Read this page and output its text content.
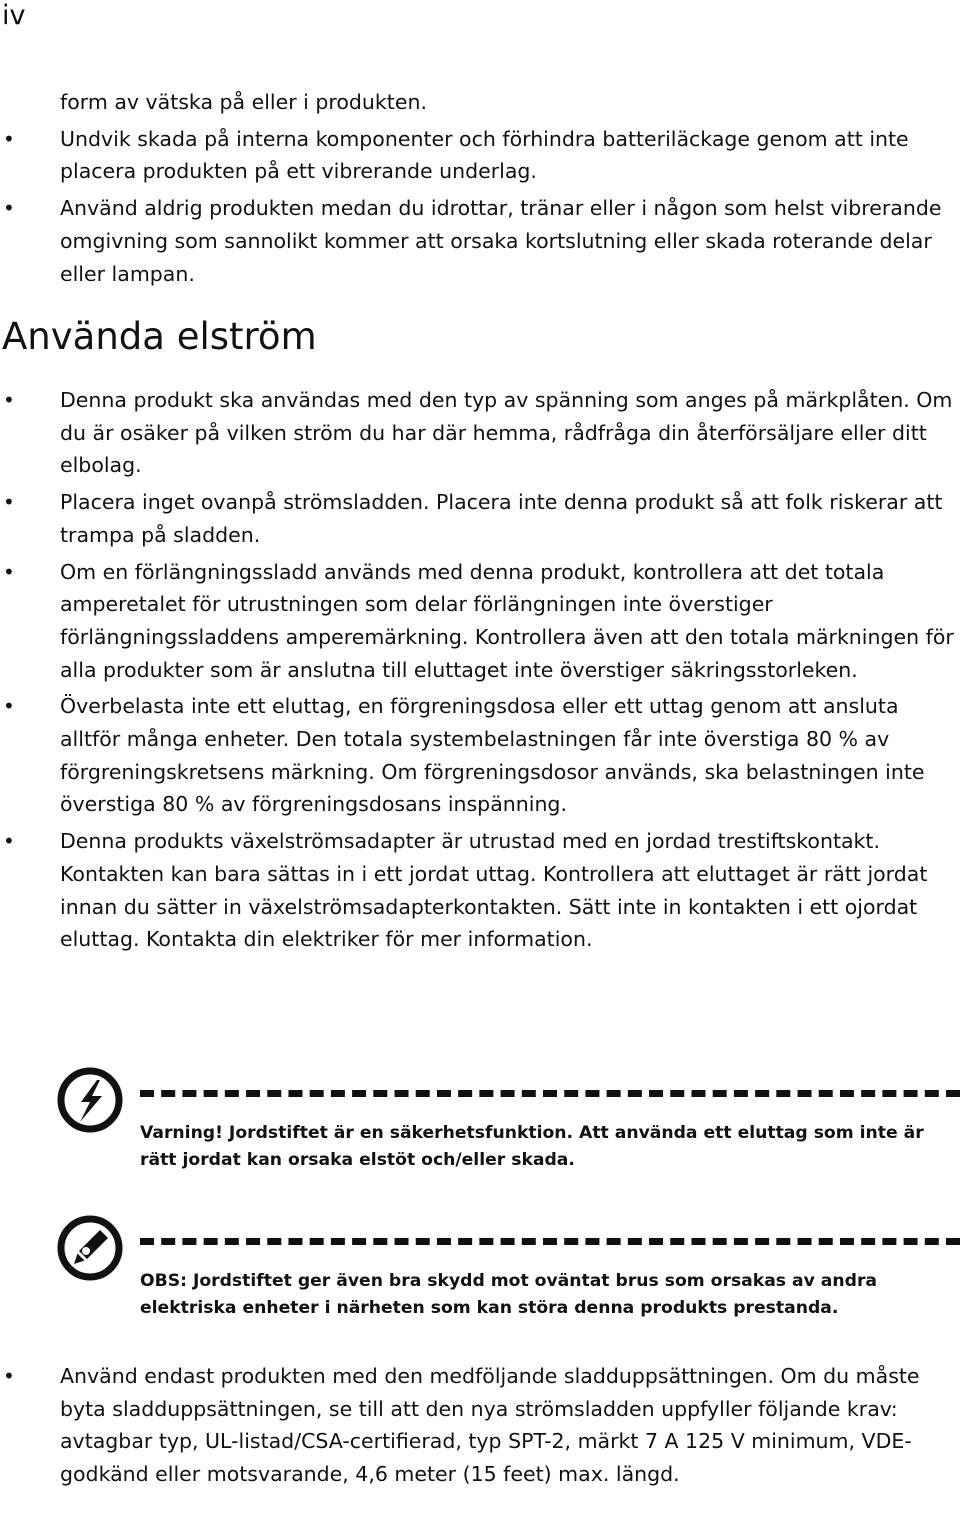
iv
form av vätska på eller i produkten.
•	Undvik skada på interna komponenter och förhindra batteriläckage genom att inte placera produkten på ett vibrerande underlag.
•	Använd aldrig produkten medan du idrottar, tränar eller i någon som helst vibrerande omgivning som sannolikt kommer att orsaka kortslutning eller skada roterande delar eller lampan.
Använda elström
•	Denna produkt ska användas med den typ av spänning som anges på märkplåten. Om du är osäker på vilken ström du har där hemma, rådfråga din återförsäljare eller ditt elbolag.
•	Placera inget ovanpå strömsladden. Placera inte denna produkt så att folk riskerar att trampa på sladden.
•	Om en förlängningssladd används med denna produkt, kontrollera att det totala amperetalet för utrustningen som delar förlängningen inte överstiger förlängningssladdens amperemärkning. Kontrollera även att den totala märkningen för alla produkter som är anslutna till eluttaget inte överstiger säkringsstorleken.
•	Överbelasta inte ett eluttag, en förgreningsdosa eller ett uttag genom att ansluta alltför många enheter. Den totala systembelastningen får inte överstiga 80 % av förgreningskretsens märkning. Om förgreningsdosor används, ska belastningen inte överstiga 80 % av förgreningsdosans inspänning.
•	Denna produkts växelströmsadapter är utrustad med en jordad trestiftskontakt. Kontakten kan bara sättas in i ett jordat uttag. Kontrollera att eluttaget är rätt jordat innan du sätter in växelströmsadapterkontakten. Sätt inte in kontakten i ett ojordat eluttag. Kontakta din elektriker för mer information.
Varning! Jordstiftet är en säkerhetsfunktion. Att använda ett eluttag som inte är rätt jordat kan orsaka elstöt och/eller skada.
OBS: Jordstiftet ger även bra skydd mot oväntat brus som orsakas av andra elektriska enheter i närheten som kan störa denna produkts prestanda.
•	Använd endast produkten med den medföljande sladduppsättningen. Om du måste byta sladduppsättningen, se till att den nya strömsladden uppfyller följande krav: avtagbar typ, UL-listad/CSA-certifierad, typ SPT-2, märkt 7 A 125 V minimum, VDE-godkänd eller motsvarande, 4,6 meter (15 feet) max. längd.
